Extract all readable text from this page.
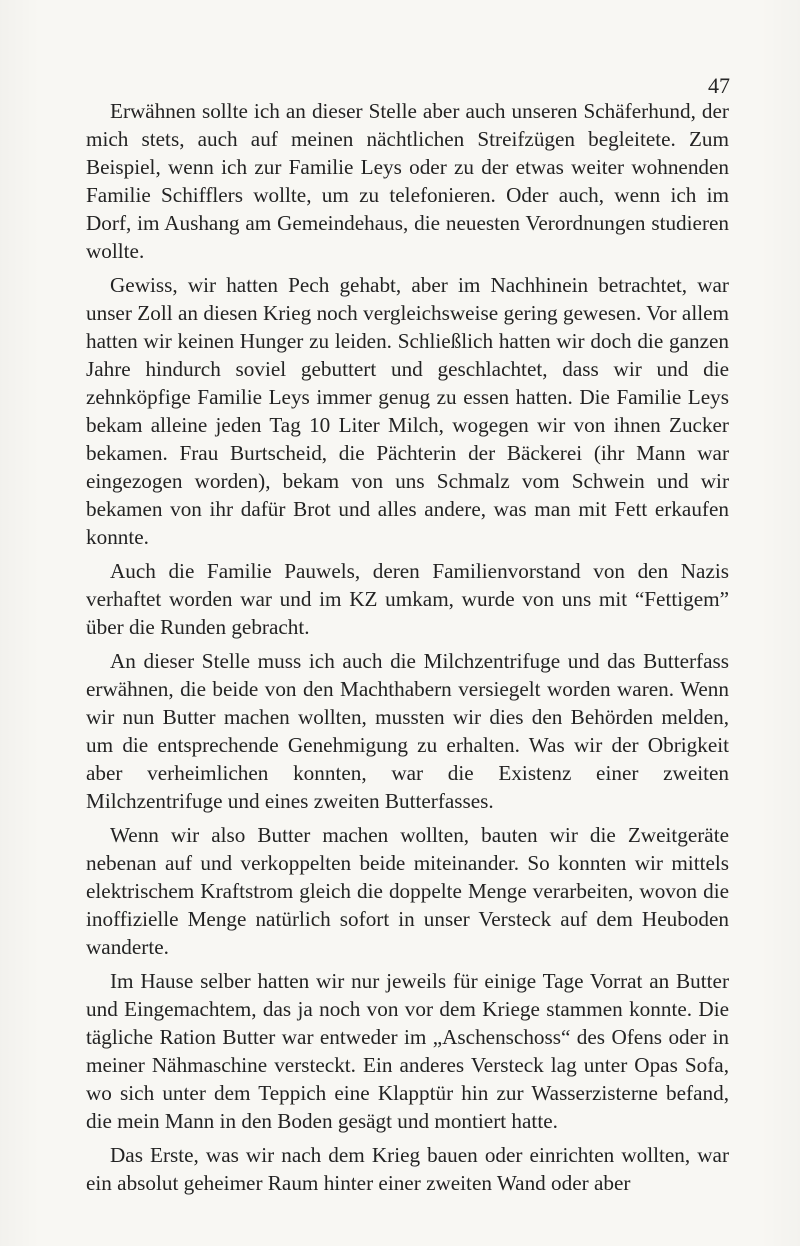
47

Erwähnen sollte ich an dieser Stelle aber auch unseren Schäferhund, der mich stets, auch auf meinen nächtlichen Streifzügen begleitete. Zum Beispiel, wenn ich zur Familie Leys oder zu der etwas weiter wohnenden Familie Schifflers wollte, um zu telefonieren. Oder auch, wenn ich im Dorf, im Aushang am Gemeindehaus, die neuesten Verordnungen studieren wollte.

Gewiss, wir hatten Pech gehabt, aber im Nachhinein betrachtet, war unser Zoll an diesen Krieg noch vergleichsweise gering gewesen. Vor allem hatten wir keinen Hunger zu leiden. Schließlich hatten wir doch die ganzen Jahre hindurch soviel gebuttert und geschlachtet, dass wir und die zehnköpfige Familie Leys immer genug zu essen hatten. Die Familie Leys bekam alleine jeden Tag 10 Liter Milch, wogegen wir von ihnen Zucker bekamen. Frau Burtscheid, die Pächterin der Bäckerei (ihr Mann war eingezogen worden), bekam von uns Schmalz vom Schwein und wir bekamen von ihr dafür Brot und alles andere, was man mit Fett erkaufen konnte.

Auch die Familie Pauwels, deren Familienvorstand von den Nazis verhaftet worden war und im KZ umkam, wurde von uns mit “Fettigem” über die Runden gebracht.

An dieser Stelle muss ich auch die Milchzentrifuge und das Butterfass erwähnen, die beide von den Machthabern versiegelt worden waren. Wenn wir nun Butter machen wollten, mussten wir dies den Behörden melden, um die entsprechende Genehmigung zu erhalten. Was wir der Obrigkeit aber verheimlichen konnten, war die Existenz einer zweiten Milchzentrifuge und eines zweiten Butterfasses.

Wenn wir also Butter machen wollten, bauten wir die Zweitgeräte nebenan auf und verkoppelten beide miteinander. So konnten wir mittels elektrischem Kraftstrom gleich die doppelte Menge verarbeiten, wovon die inoffizielle Menge natürlich sofort in unser Versteck auf dem Heuboden wanderte.

Im Hause selber hatten wir nur jeweils für einige Tage Vorrat an Butter und Eingemachtem, das ja noch von vor dem Kriege stammen konnte. Die tägliche Ration Butter war entweder im „Aschenschoss“ des Ofens oder in meiner Nähmaschine versteckt. Ein anderes Versteck lag unter Opas Sofa, wo sich unter dem Teppich eine Klapptür hin zur Wasserzisterne befand, die mein Mann in den Boden gesägt und montiert hatte.

Das Erste, was wir nach dem Krieg bauen oder einrichten wollten, war ein absolut geheimer Raum hinter einer zweiten Wand oder aber
